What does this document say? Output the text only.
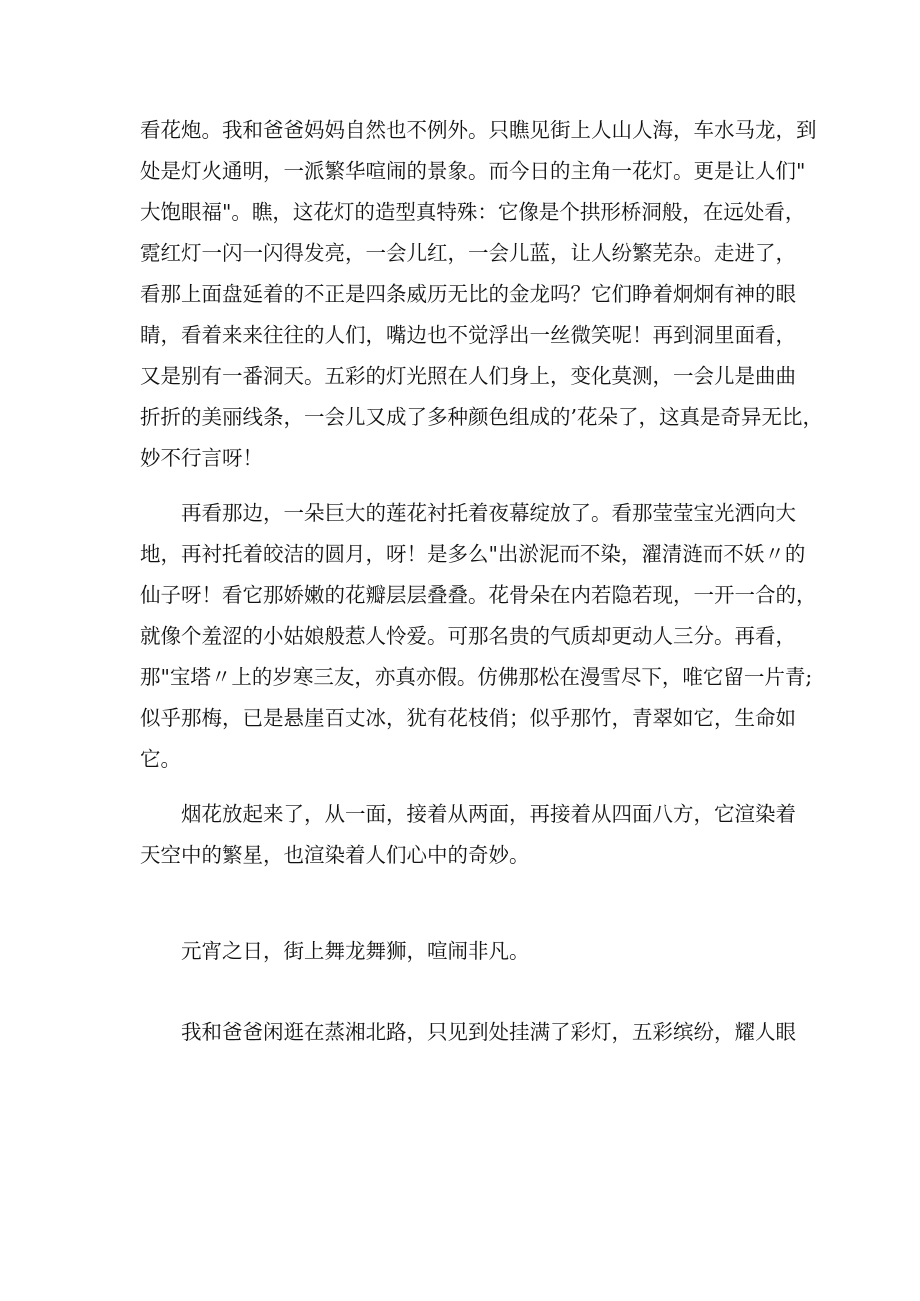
看花炮。我和爸爸妈妈自然也不例外。只瞧见街上人山人海，车水马龙，到

处是灯火通明，一派繁华喧闹的景象。而今日的主角一花灯。更是让人们"

大饱眼福"。瞧，这花灯的造型真特殊：它像是个拱形桥洞般，在远处看，

霓红灯一闪一闪得发亮，一会儿红，一会儿蓝，让人纷繁芜杂。走进了，

看那上面盘延着的不正是四条威历无比的金龙吗？它们睁着炯炯有神的眼

睛，看着来来往往的人们，嘴边也不觉浮出一丝微笑呢！再到洞里面看，

又是别有一番洞天。五彩的灯光照在人们身上，变化莫测，一会儿是曲曲

折折的美丽线条，一会儿又成了多种颜色组成的’花朵了，这真是奇异无比，

妙不行言呀！

再看那边，一朵巨大的莲花衬托着夜幕绽放了。看那莹莹宝光洒向大

地，再衬托着皎洁的圆月，呀！是多么"出淤泥而不染，濯清涟而不妖〃的

仙子呀！看它那娇嫩的花瓣层层叠叠。花骨朵在内若隐若现，一开一合的，

就像个羞涩的小姑娘般惹人怜爱。可那名贵的气质却更动人三分。再看，

那"宝塔〃上的岁寒三友，亦真亦假。仿佛那松在漫雪尽下，唯它留一片青;

似乎那梅，已是悬崖百丈冰，犹有花枝俏；似乎那竹，青翠如它，生命如

它。

烟花放起来了，从一面，接着从两面，再接着从四面八方，它渲染着

天空中的繁星，也渲染着人们心中的奇妙。

元宵之日，街上舞龙舞狮，喧闹非凡。

我和爸爸闲逛在蒸湘北路，只见到处挂满了彩灯，五彩缤纷，耀人眼
